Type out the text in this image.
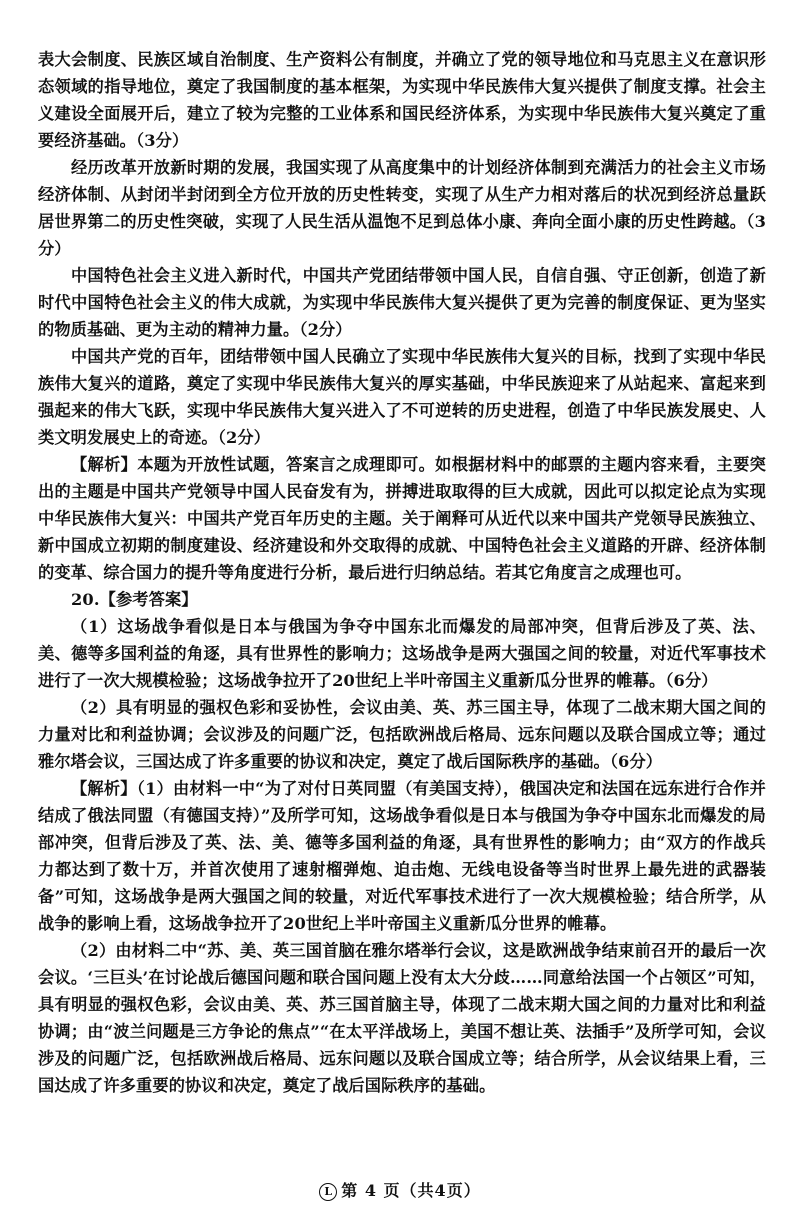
表大会制度、民族区域自治制度、生产资料公有制度，并确立了党的领导地位和马克思主义在意识形态领域的指导地位，奠定了我国制度的基本框架，为实现中华民族伟大复兴提供了制度支撑。社会主义建设全面展开后，建立了较为完整的工业体系和国民经济体系，为实现中华民族伟大复兴奠定了重要经济基础。（3分）

经历改革开放新时期的发展，我国实现了从高度集中的计划经济体制到充满活力的社会主义市场经济体制、从封闭半封闭到全方位开放的历史性转变，实现了从生产力相对落后的状况到经济总量跃居世界第二的历史性突破，实现了人民生活从温饱不足到总体小康、奔向全面小康的历史性跨越。（3分）

中国特色社会主义进入新时代，中国共产党团结带领中国人民，自信自强、守正创新，创造了新时代中国特色社会主义的伟大成就，为实现中华民族伟大复兴提供了更为完善的制度保证、更为坚实的物质基础、更为主动的精神力量。（2分）

中国共产党的百年，团结带领中国人民确立了实现中华民族伟大复兴的目标，找到了实现中华民族伟大复兴的道路，奠定了实现中华民族伟大复兴的厚实基础，中华民族迎来了从站起来、富起来到强起来的伟大飞跃，实现中华民族伟大复兴进入了不可逆转的历史进程，创造了中华民族发展史、人类文明发展史上的奇迹。（2分）

【解析】本题为开放性试题，答案言之成理即可。如根据材料中的邮票的主题内容来看，主要突出的主题是中国共产党领导中国人民奋发有为，拼搏进取取得的巨大成就，因此可以拟定论点为实现中华民族伟大复兴：中国共产党百年历史的主题。关于阐释可从近代以来中国共产党领导民族独立、新中国成立初期的制度建设、经济建设和外交取得的成就、中国特色社会主义道路的开辟、经济体制的变革、综合国力的提升等角度进行分析，最后进行归纳总结。若其它角度言之成理也可。

20.【参考答案】

（1）这场战争看似是日本与俄国为争夺中国东北而爆发的局部冲突，但背后涉及了英、法、美、德等多国利益的角逐，具有世界性的影响力；这场战争是两大强国之间的较量，对近代军事技术进行了一次大规模检验；这场战争拉开了20世纪上半叶帝国主义重新瓜分世界的帷幕。（6分）

（2）具有明显的强权色彩和妥协性，会议由美、英、苏三国主导，体现了二战末期大国之间的力量对比和利益协调；会议涉及的问题广泛，包括欧洲战后格局、远东问题以及联合国成立等；通过雅尔塔会议，三国达成了许多重要的协议和决定，奠定了战后国际秩序的基础。（6分）

【解析】（1）由材料一中“为了对付日英同盟（有美国支持），俄国决定和法国在远东进行合作并结成了俄法同盟（有德国支持）”及所学可知，这场战争看似是日本与俄国为争夺中国东北而爆发的局部冲突，但背后涉及了英、法、美、德等多国利益的角逐，具有世界性的影响力；由“双方的作战兵力都达到了数十万，并首次使用了速射榴弹炮、迫击炮、无线电设备等当时世界上最先进的武器装备”可知，这场战争是两大强国之间的较量，对近代军事技术进行了一次大规模检验；结合所学，从战争的影响上看，这场战争拉开了20世纪上半叶帝国主义重新瓜分世界的帷幕。

（2）由材料二中“苏、美、英三国首脑在雅尔塔举行会议，这是欧洲战争结束前召开的最后一次会议。‘三巨头’在讨论战后德国问题和联合国问题上没有太大分歧……同意给法国一个占领区”可知，具有明显的强权色彩，会议由美、英、苏三国首脑主导，体现了二战末期大国之间的力量对比和利益协调；由“波兰问题是三方争论的焦点”“在太平洋战场上，美国不想让英、法插手”及所学可知，会议涉及的问题广泛，包括欧洲战后格局、远东问题以及联合国成立等；结合所学，从会议结果上看，三国达成了许多重要的协议和决定，奠定了战后国际秩序的基础。

L 第 4 页（共4页）
